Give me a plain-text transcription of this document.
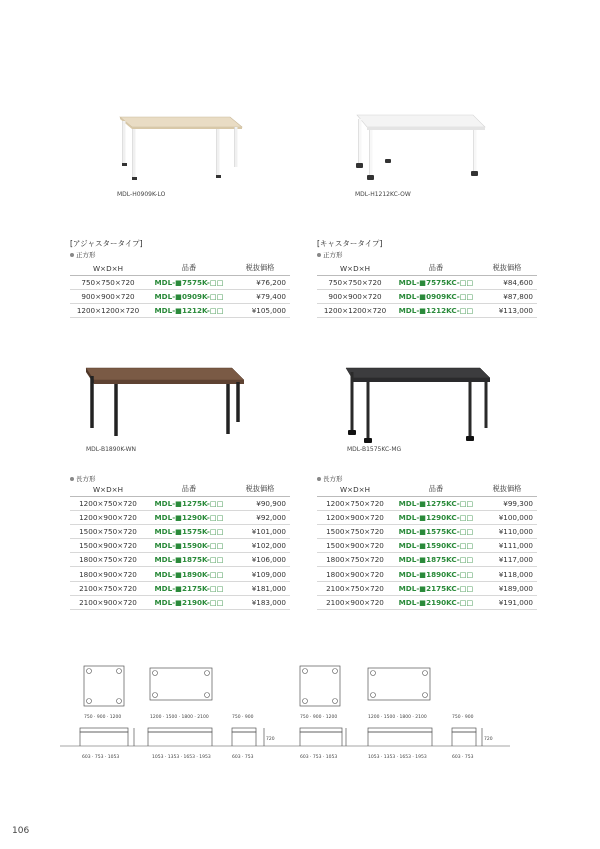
MDL-H0909K-LO	MDL-H1212KC-OW
[アジャスタータイプ]
正方形
[キャスタータイプ]
正方形
W×D×H	品番	税抜価格
750×750×720	MDL-■7575K-□□	¥76,200
900×900×720	MDL-■0909K-□□	¥79,400
1200×1200×720	MDL-■1212K-□□	¥105,000
W×D×H	品番	税抜価格
750×750×720	MDL-■7575KC-□□	¥84,600
900×900×720	MDL-■0909KC-□□	¥87,800
1200×1200×720	MDL-■1212KC-□□	¥113,000
MDL-B1890K-WN	MDL-B1575KC-MG
長方形	長方形
W×D×H	品番	税抜価格
1200×750×720	MDL-■1275K-□□	¥90,900
1200×900×720	MDL-■1290K-□□	¥92,000
1500×750×720	MDL-■1575K-□□	¥101,000
1500×900×720	MDL-■1590K-□□	¥102,000
1800×750×720	MDL-■1875K-□□	¥106,000
1800×900×720	MDL-■1890K-□□	¥109,000
2100×750×720	MDL-■2175K-□□	¥181,000
2100×900×720	MDL-■2190K-□□	¥183,000
W×D×H	品番	税抜価格
1200×750×720	MDL-■1275KC-□□	¥99,300
1200×900×720	MDL-■1290KC-□□	¥100,000
1500×750×720	MDL-■1575KC-□□	¥110,000
1500×900×720	MDL-■1590KC-□□	¥111,000
1800×750×720	MDL-■1875KC-□□	¥117,000
1800×900×720	MDL-■1890KC-□□	¥118,000
2100×750×720	MDL-■2175KC-□□	¥189,000
2100×900×720	MDL-■2190KC-□□	¥191,000
750 · 900 · 1200	1200 · 1500 · 1800 · 2100	750 · 900
603 · 753 · 1053	1053 · 1353 · 1653 · 1953	603 · 753
750 · 900 · 1200	1200 · 1500 · 1800 · 2100	750 · 900
603 · 753 · 1053	1053 · 1353 · 1653 · 1953	603 · 753
720	720
106
